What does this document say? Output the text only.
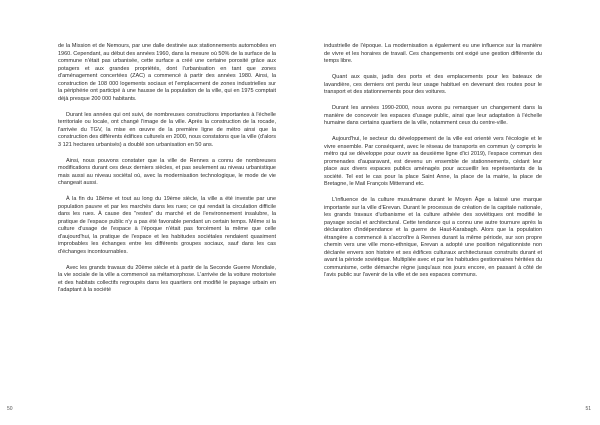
de la Mission et de Nemours, par une dalle destinée aux stationnements automobiles en 1960. Cependant, au début des années 1960, dans la mesure où 50% de la surface de la commune n'était pas urbanisée, cette surface a créé une certaine porosité grâce aux potagers et aux grandes propriétés, dont l'urbanisation en tant que zones d'aménagement concertées (ZAC) a commencé à partir des années 1980. Ainsi, la construction de 108 000 logements sociaux et l'emplacement de zones industrielles sur la périphérie ont participé à une hausse de la population de la ville, qui en 1975 comptait déjà presque 200 000 habitants.

Durant les années qui ont suivi, de nombreuses constructions importantes à l'échelle territoriale ou locale, ont changé l'image de la ville. Après la construction de la rocade, l'arrivée du TGV, la mise en œuvre de la première ligne de métro ainsi que la construction des différents édifices culturels en 2000, nous constatons que la ville (d'alors 3 121 hectares urbanisés) a doublé son urbanisation en 50 ans.

Ainsi, nous pouvons constater que la ville de Rennes a connu de nombreuses modifications durant ces deux derniers siècles, et pas seulement au niveau urbanistique mais aussi au niveau sociétal où, avec la modernisation technologique, le mode de vie changeait aussi.

À la fin du 18ème et tout au long du 19ème siècle, la ville a été investie par une population pauvre et par les marchés dans les rues; ce qui rendait la circulation difficile dans les rues. À cause des "restes" du marché et de l'environnement insalubre, la pratique de l'espace public n'y a pas été favorable pendant un certain temps. Même si la culture d'usage de l'espace à l'époque n'était pas forcément la même que celle d'aujourd'hui, la pratique de l'espace et les habitudes sociétales rendaient quasiment improbables les échanges entre les différents groupes sociaux, sauf dans les cas d'échanges incontournables.

Avec les grands travaux du 20ème siècle et à partir de la Seconde Guerre Mondiale, la vie sociale de la ville a commencé sa métamorphose. L'arrivée de la voiture motorisée et des habitats collectifs regroupés dans les quartiers ont modifié le paysage urbain en l'adaptant à la société

50

industrielle de l'époque. La modernisation a également eu une influence sur la manière de vivre et les horaires de travail. Ces changements ont exigé une gestion différente du temps libre.

Quant aux quais, jadis des ports et des emplacements pour les bateaux de lavandière, ces derniers ont perdu leur usage habituel en devenant des routes pour le transport et des stationnements pour des voitures.

Durant les années 1990-2000, nous avons pu remarquer un changement dans la manière de concevoir les espaces d'usage public, ainsi que leur adaptation à l'échelle humaine dans certains quartiers de la ville, notamment ceux du centre-ville.

Aujourd'hui, le secteur du développement de la ville est orienté vers l'écologie et le vivre ensemble. Par conséquent, avec le réseau de transports en commun (y compris le métro qui se développe pour ouvrir sa deuxième ligne d'ici 2019), l'espace commun des promenades d'auparavant, est devenu un ensemble de stationnements, cédant leur place aux divers espaces publics aménagés pour accueillir les représentants de la société. Tel est le cas pour la place Saint Anne, la place de la mairie, la place de Bretagne, le Mail François Mitterrand etc.

L'influence de la culture musulmane durant le Moyen Âge a laissé une marque importante sur la ville d'Erevan. Durant le processus de création de la capitale nationale, les grands travaux d'urbanisme et la culture athéée des soviétiques ont modifié le paysage social et architectural. Cette tendance qui a connu une autre tournure après la déclaration d'indépendance et la guerre de Haut-Karabagh. Alors que la population étrangère a commencé à s'accroître à Rennes durant la même période, sur son propre chemin vers une ville mono-ethnique, Erevan a adopté une position négationniste non déclarée envers son histoire et ses édifices culturaux architecturaux construits durant et avant la période soviétique. Multipliée avec et par les habitudes gestionnaires héritées du communisme, cette démarche règne jusqu'aux nos jours encore, en passant à côté de l'avis public sur l'avenir de la ville et de ses espaces communs.

51
